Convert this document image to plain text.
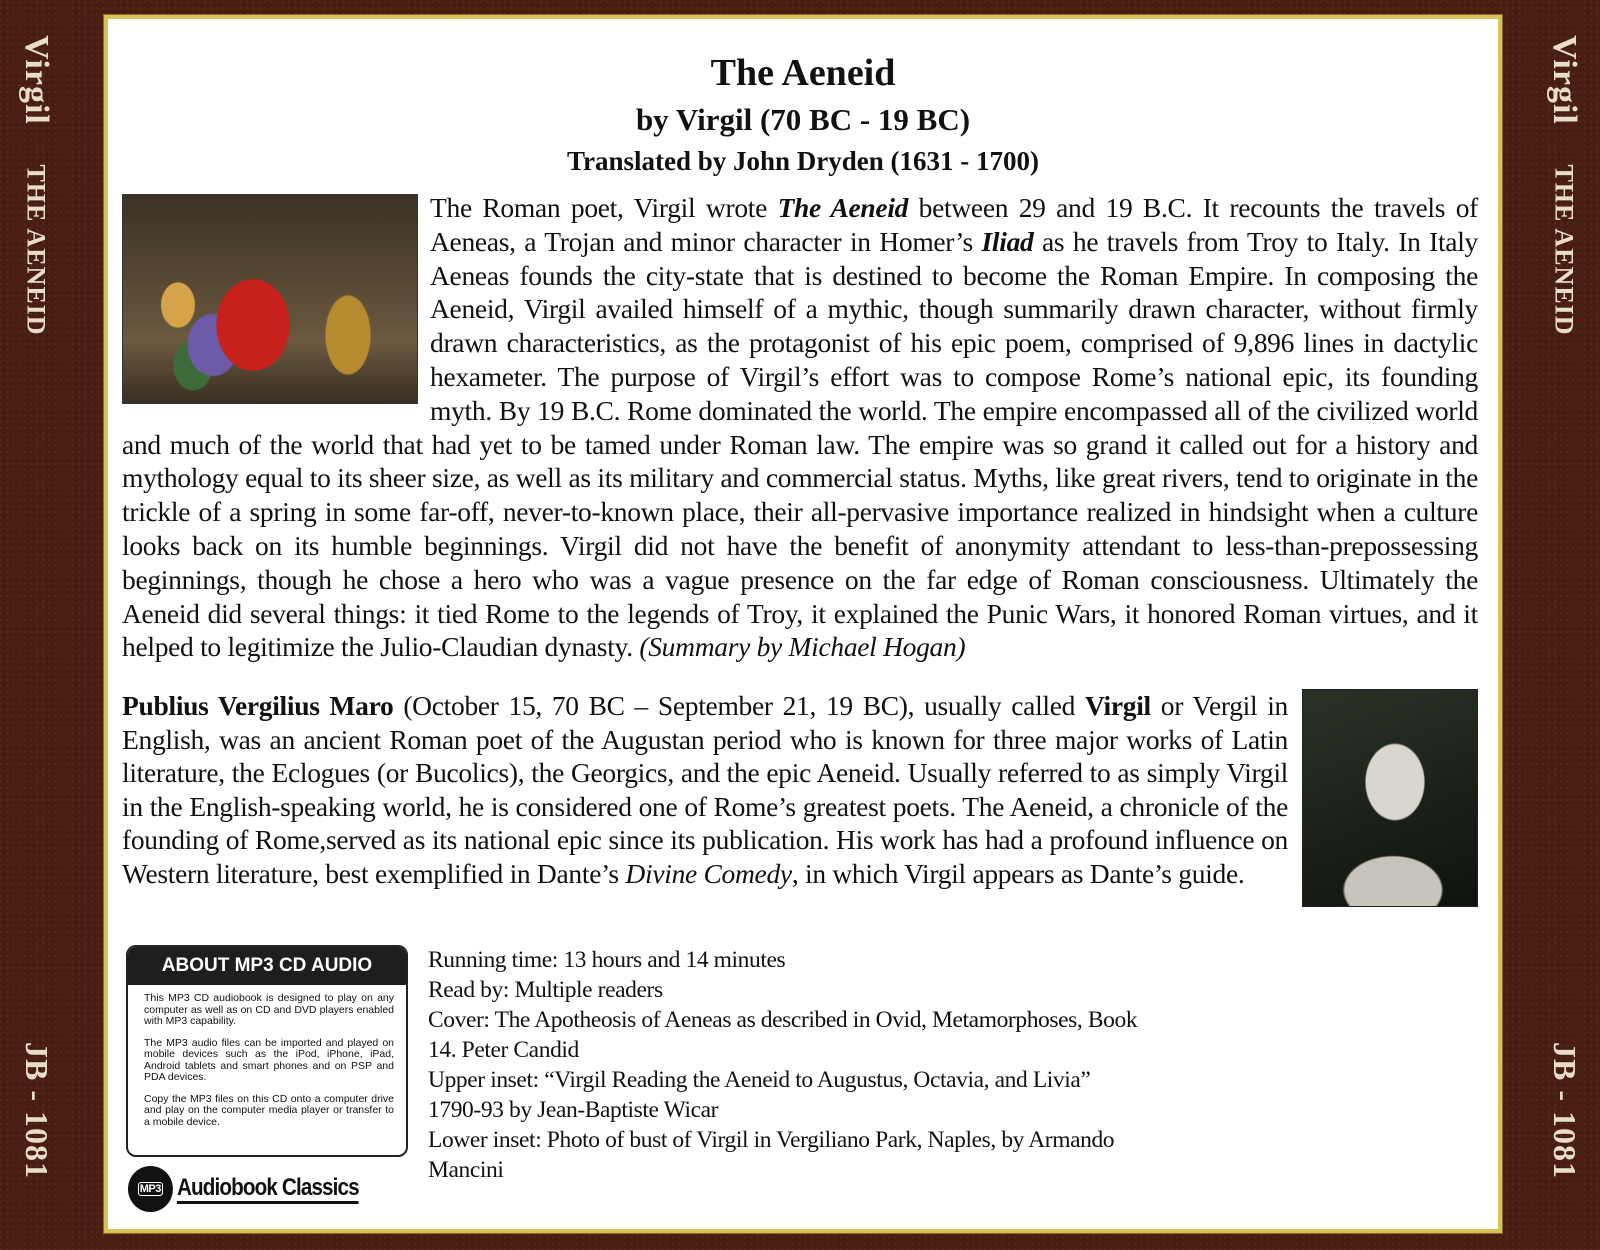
Virgil
THE AENEID
JB - 1081
Virgil
THE AENEID
JB - 1081
The Aeneid
by Virgil (70 BC - 19 BC)
Translated by John Dryden (1631 - 1700)
The Roman poet, Virgil wrote The Aeneid between 29 and 19 B.C. It recounts the travels of Aeneas, a Trojan and minor character in Homer’s Iliad as he travels from Troy to Italy. In Italy Aeneas founds the city-state that is destined to become the Roman Empire. In composing the Aeneid, Virgil availed himself of a mythic, though summarily drawn character, without firmly drawn characteristics, as the protagonist of his epic poem, comprised of 9,896 lines in dactylic hexameter. The purpose of Virgil’s effort was to compose Rome’s national epic, its founding myth. By 19 B.C. Rome dominated the world. The empire encompassed all of the civilized world and much of the world that had yet to be tamed under Roman law. The empire was so grand it called out for a history and mythology equal to its sheer size, as well as its military and commercial status. Myths, like great rivers, tend to originate in the trickle of a spring in some far-off, never-to-known place, their all-pervasive importance realized in hindsight when a culture looks back on its humble beginnings. Virgil did not have the benefit of anonymity attendant to less-than-prepossessing beginnings, though he chose a hero who was a vague presence on the far edge of Roman consciousness. Ultimately the Aeneid did several things: it tied Rome to the legends of Troy, it explained the Punic Wars, it honored Roman virtues, and it helped to legitimize the Julio-Claudian dynasty. (Summary by Michael Hogan)
Publius Vergilius Maro (October 15, 70 BC – September 21, 19 BC), usually called Virgil or Vergil in English, was an ancient Roman poet of the Augustan period who is known for three major works of Latin literature, the Eclogues (or Bucolics), the Georgics, and the epic Aeneid. Usually referred to as simply Virgil in the English-speaking world, he is considered one of Rome’s greatest poets. The Aeneid, a chronicle of the founding of Rome,served as its national epic since its publication. His work has had a profound influence on Western literature, best exemplified in Dante’s Divine Comedy, in which Virgil appears as Dante’s guide.
ABOUT MP3 CD AUDIO

This MP3 CD audiobook is designed to play on any computer as well as on CD and DVD players enabled with MP3 capability.

The MP3 audio files can be imported and played on mobile devices such as the iPod, iPhone, iPad, Android tablets and smart phones and on PSP and PDA devices.

Copy the MP3 files on this CD onto a computer drive and play on the computer media player or transfer to a mobile device.

MP3 Audiobook Classics
Running time: 13 hours and 14 minutes
Read by: Multiple readers
Cover: The Apotheosis of Aeneas as described in Ovid, Metamorphoses, Book
14. Peter Candid
Upper inset: “Virgil Reading the Aeneid to Augustus, Octavia, and Livia”
1790-93 by Jean-Baptiste Wicar
Lower inset: Photo of bust of Virgil in Vergiliano Park, Naples, by Armando
Mancini
